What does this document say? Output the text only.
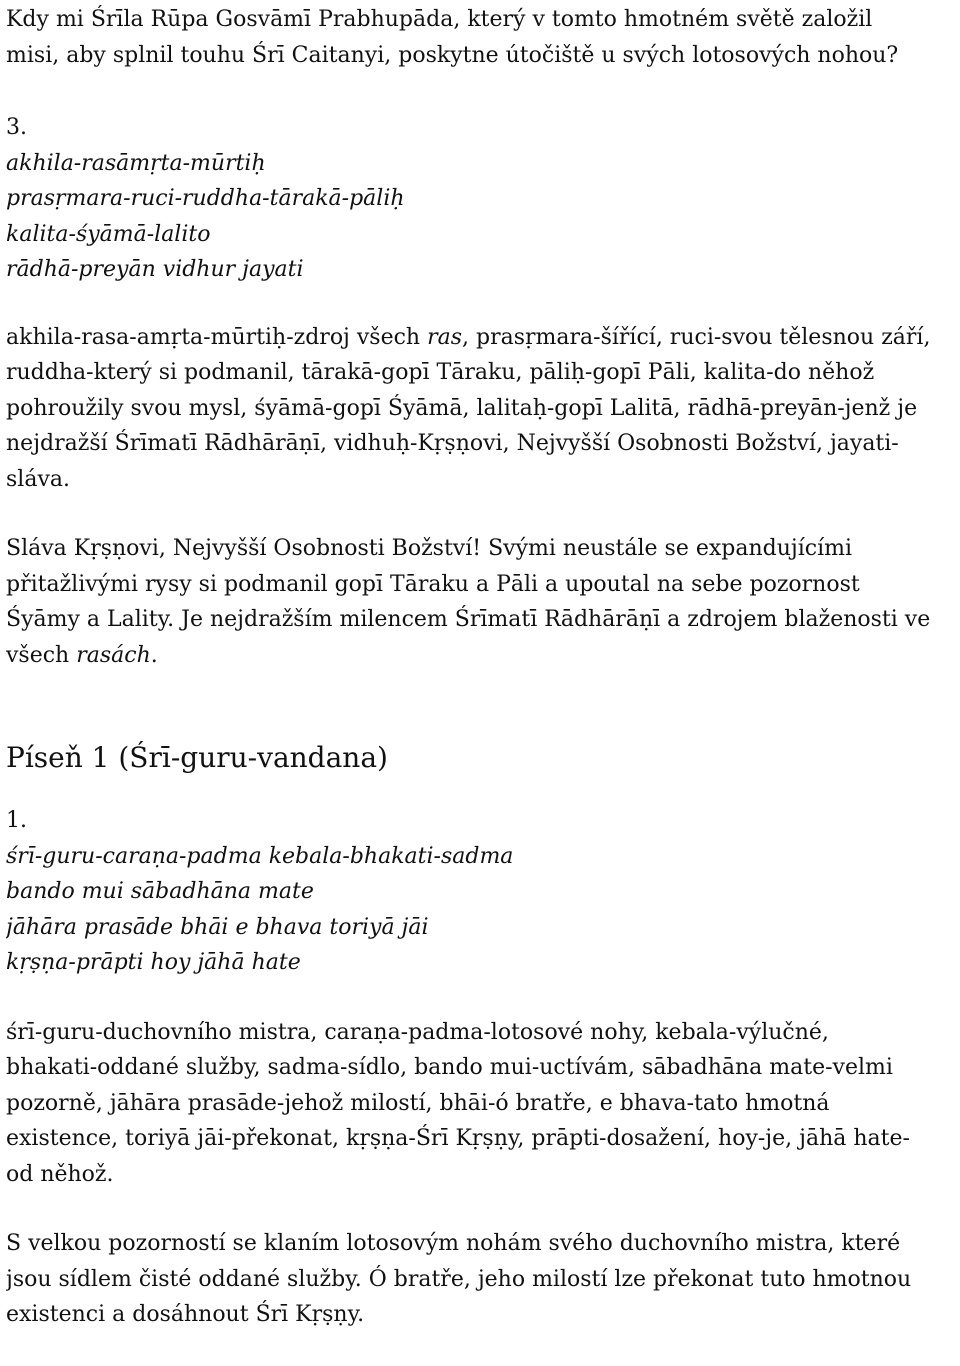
Kdy mi Śrīla Rūpa Gosvāmī Prabhupāda, který v tomto hmotném světě založil
misi, aby splnil touhu Śrī Caitanyi, poskytne útočiště u svých lotosových nohou?
3.
akhila-rasāmṛta-mūrtiḥ
prasṛmara-ruci-ruddha-tārakā-pāliḥ
kalita-śyāmā-lalito
rādhā-preyān vidhur jayati
akhila-rasa-amṛta-mūrtiḥ-zdroj všech ras, prasṛmara-šířící, ruci-svou tělesnou září,
ruddha-který si podmanil, tārakā-gopī Tāraku, pāliḥ-gopī Pāli, kalita-do něhož
pohroužily svou mysl, śyāmā-gopī Śyāmā, lalitaḥ-gopī Lalitā, rādhā-preyān-jenž je
nejdražší Śrīmatī Rādhārāṇī, vidhuḥ-Kṛṣṇovi, Nejvyšší Osobnosti Božství, jayati-
sláva.
Sláva Kṛṣṇovi, Nejvyšší Osobnosti Božství! Svými neustále se expandujícími
přitažlivými rysy si podmanil gopī Tāraku a Pāli a upoutal na sebe pozornost
Śyāmy a Lality. Je nejdražším milencem Śrīmatī Rādhārāṇī a zdrojem blaženosti ve
všech rasách.
Píseň 1 (Śrī-guru-vandana)
1.
śrī-guru-caraṇa-padma kebala-bhakati-sadma
bando mui sābadhāna mate
jāhāra prasāde bhāi e bhava toriyā jāi
kṛṣṇa-prāpti hoy jāhā hate
śrī-guru-duchovního mistra, caraṇa-padma-lotosové nohy, kebala-výlučné,
bhakati-oddané služby, sadma-sídlo, bando mui-uctívám, sābadhāna mate-velmi
pozorně, jāhāra prasāde-jehož milostí, bhāi-ó bratře, e bhava-tato hmotná
existence, toriyā jāi-překonat, kṛṣṇa-Śrī Kṛṣṇy, prāpti-dosažení, hoy-je, jāhā hate-
od něhož.
S velkou pozorností se klaním lotosovým nohám svého duchovního mistra, které
jsou sídlem čisté oddané služby. Ó bratře, jeho milostí lze překonat tuto hmotnou
existenci a dosáhnout Śrī Kṛṣṇy.
